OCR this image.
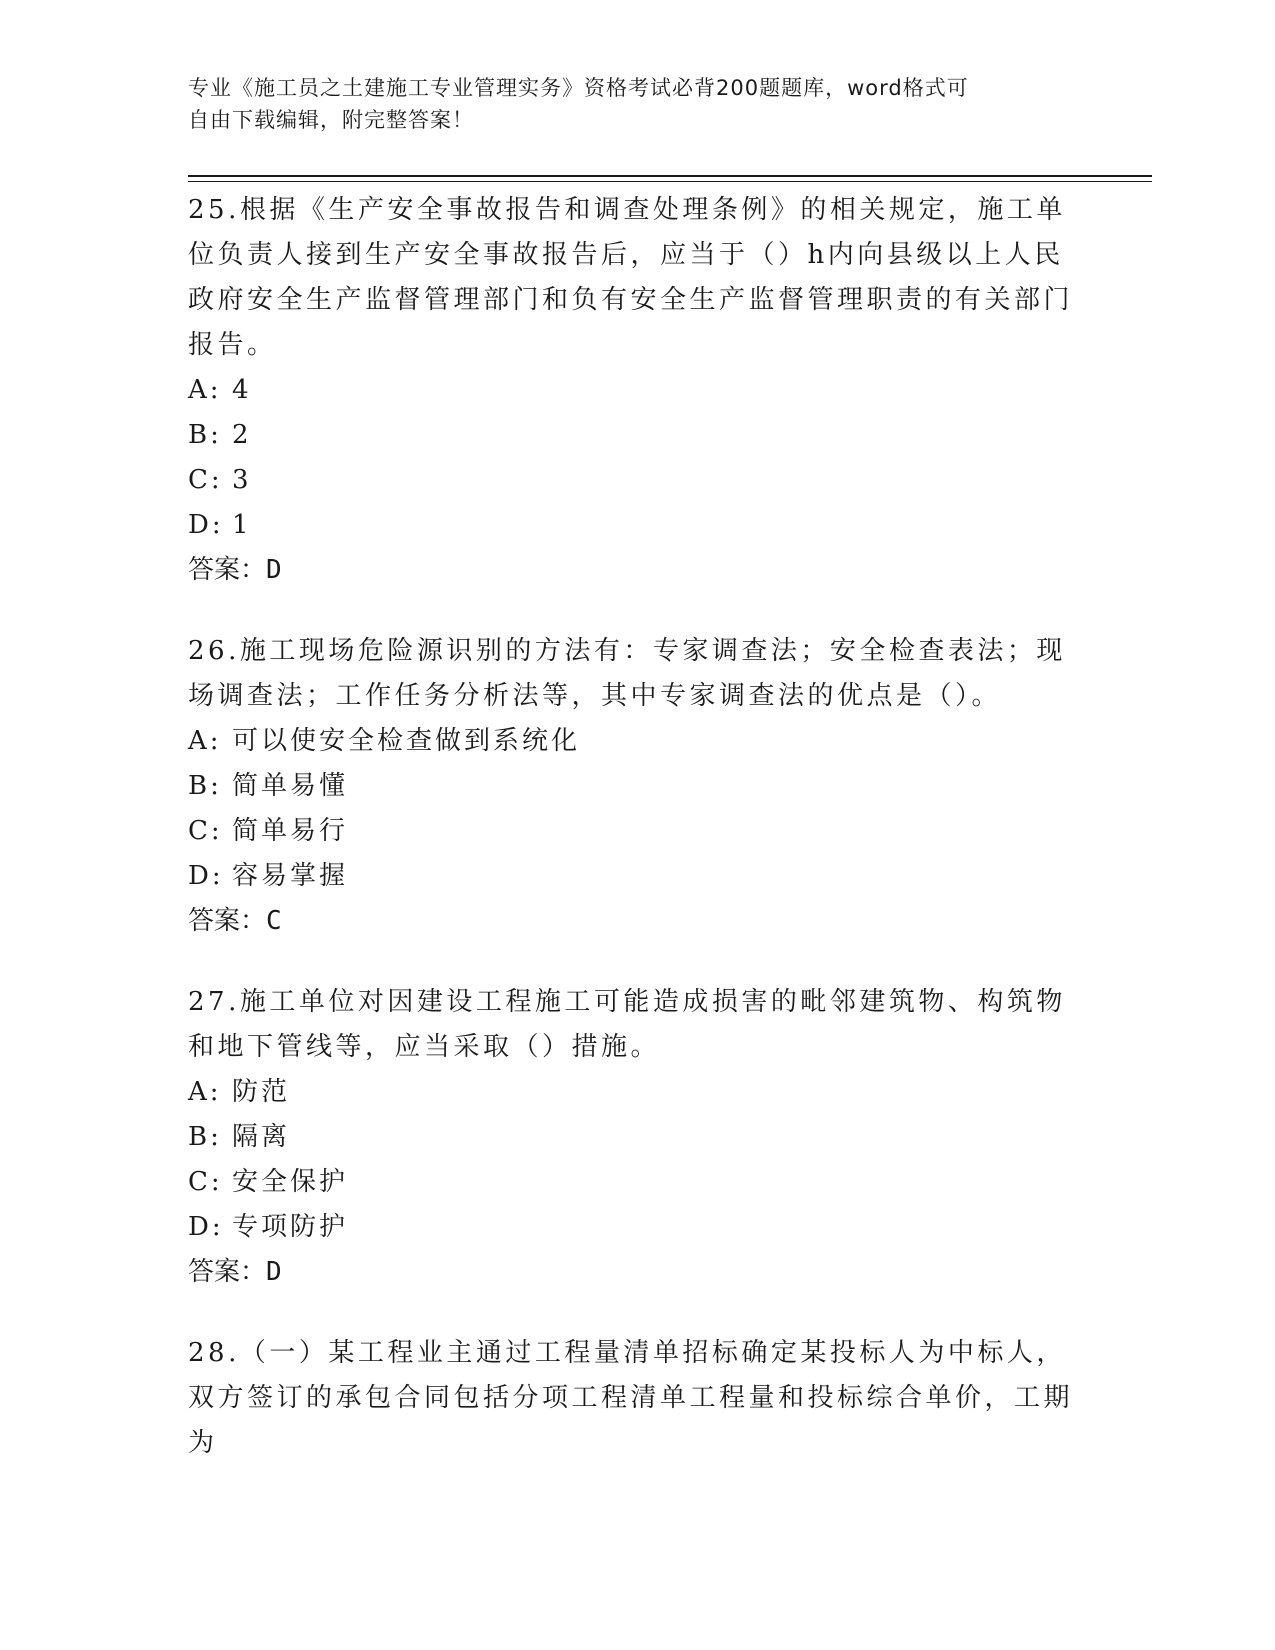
专业《施工员之土建施工专业管理实务》资格考试必背200题题库，word格式可
自由下载编辑，附完整答案！

25.根据《生产安全事故报告和调查处理条例》的相关规定，施工单位负责人接到生产安全事故报告后，应当于（）h内向县级以上人民政府安全生产监督管理部门和负有安全生产监督管理职责的有关部门报告。

A: 4
B: 2
C: 3
D: 1
答案：D

26.施工现场危险源识别的方法有：专家调查法；安全检查表法；现场调查法；工作任务分析法等，其中专家调查法的优点是（）。

A: 可以使安全检查做到系统化
B: 简单易懂
C: 简单易行
D: 容易掌握
答案：C

27.施工单位对因建设工程施工可能造成损害的毗邻建筑物、构筑物和地下管线等，应当采取（）措施。

A: 防范
B: 隔离
C: 安全保护
D: 专项防护
答案：D

28.（一）某工程业主通过工程量清单招标确定某投标人为中标人，双方签订的承包合同包括分项工程清单工程量和投标综合单价，工期为
